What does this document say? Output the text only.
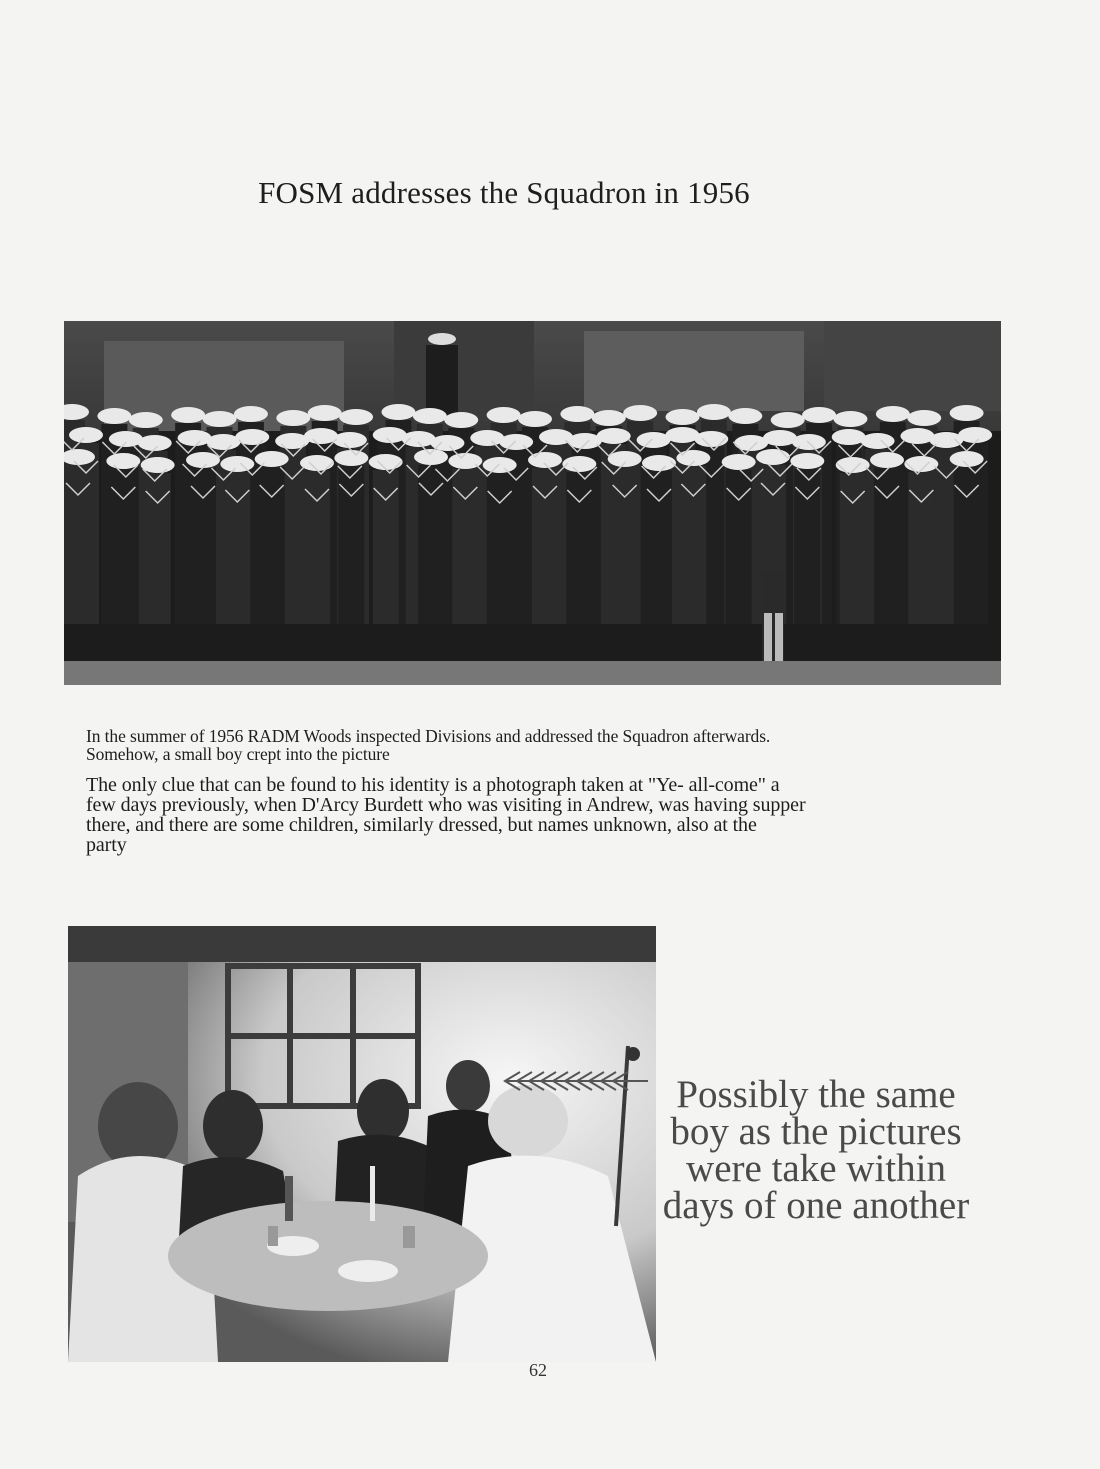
FOSM addresses the Squadron in 1956
In the summer of 1956 RADM Woods inspected Divisions and addressed the Squadron afterwards.
Somehow, a small boy crept into the picture
The only clue that can be found to his identity is a photograph taken at "Ye- all-come" a
few days previously, when D'Arcy Burdett who was visiting in Andrew, was having supper
there, and there are some children, similarly dressed, but names unknown, also at the
party
Possibly the same
boy as the pictures
were take within
days of one another
62
